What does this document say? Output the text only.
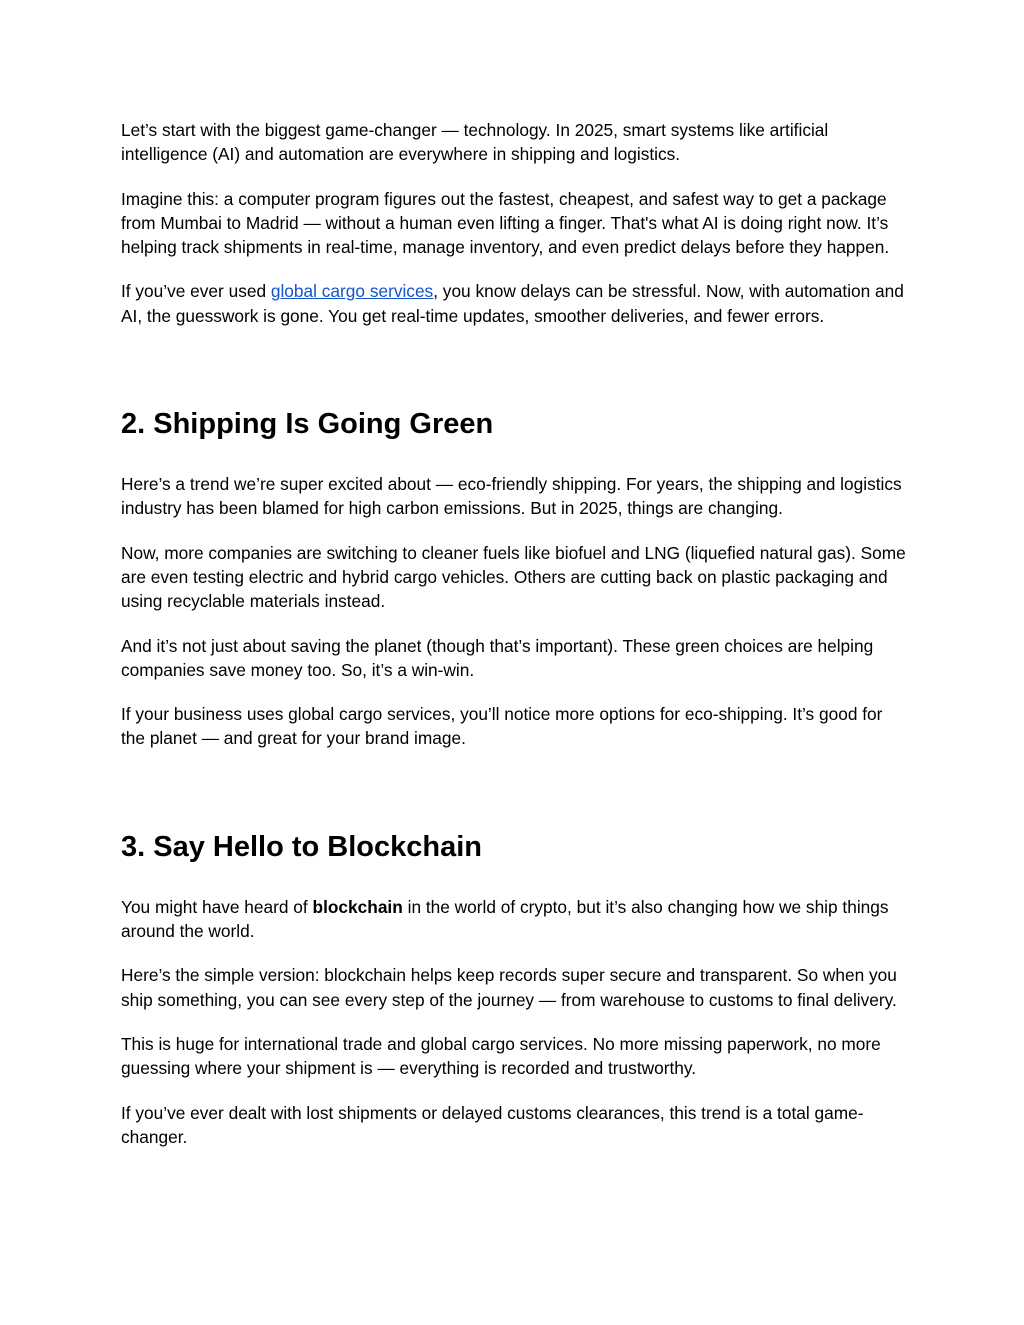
Let’s start with the biggest game-changer — technology. In 2025, smart systems like artificial intelligence (AI) and automation are everywhere in shipping and logistics.

Imagine this: a computer program figures out the fastest, cheapest, and safest way to get a package from Mumbai to Madrid — without a human even lifting a finger. That's what AI is doing right now. It’s helping track shipments in real-time, manage inventory, and even predict delays before they happen.

If you’ve ever used global cargo services, you know delays can be stressful. Now, with automation and AI, the guesswork is gone. You get real-time updates, smoother deliveries, and fewer errors.

2. Shipping Is Going Green

Here’s a trend we’re super excited about — eco-friendly shipping. For years, the shipping and logistics industry has been blamed for high carbon emissions. But in 2025, things are changing.

Now, more companies are switching to cleaner fuels like biofuel and LNG (liquefied natural gas). Some are even testing electric and hybrid cargo vehicles. Others are cutting back on plastic packaging and using recyclable materials instead.

And it’s not just about saving the planet (though that’s important). These green choices are helping companies save money too. So, it’s a win-win.

If your business uses global cargo services, you’ll notice more options for eco-shipping. It’s good for the planet — and great for your brand image.

3. Say Hello to Blockchain

You might have heard of blockchain in the world of crypto, but it’s also changing how we ship things around the world.

Here’s the simple version: blockchain helps keep records super secure and transparent. So when you ship something, you can see every step of the journey — from warehouse to customs to final delivery.

This is huge for international trade and global cargo services. No more missing paperwork, no more guessing where your shipment is — everything is recorded and trustworthy.

If you’ve ever dealt with lost shipments or delayed customs clearances, this trend is a total game-changer.
